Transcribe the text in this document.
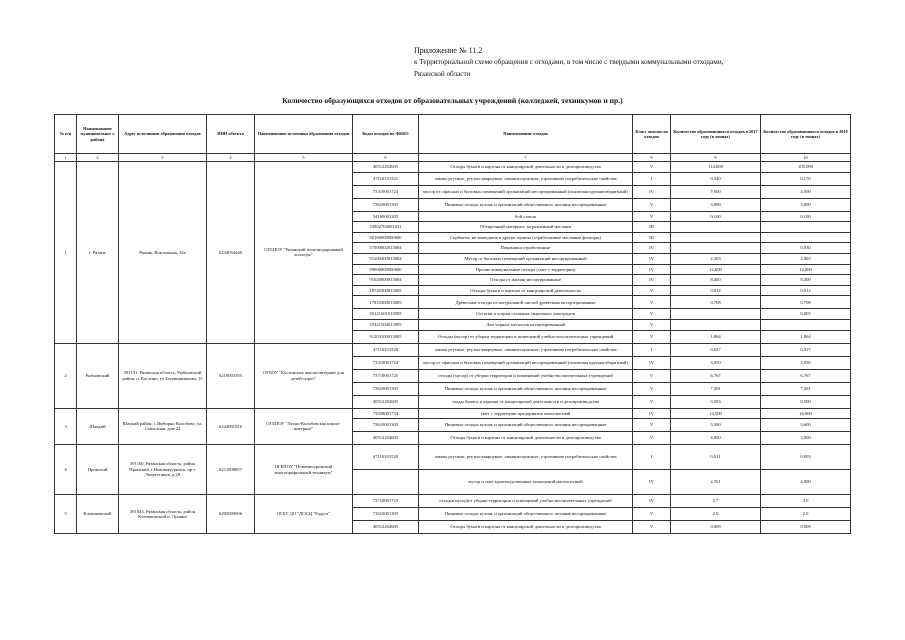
Приложение № 11.2
к Территориальной схеме обращения с отходами, в том числе с твердыми коммунальными отходами,
Рязанской области
Количество образующихся отходов от образовательных учреждений (колледжей, техникумов и пр.)
№ п/п	Наименование муниципальног о района	Адрес источников образования отходов	ИНН объекта	Наименование источника образования отходов	Коды отходов по ФККО	Наименование отходов	Класс опасности отходов	Количество образовавшихся отходов в 2017 году (в тоннах)	Количество образовавшихся отходов в 2018 году (в тоннах)
1	2	3	4	5	6	7	8	9	10
1	г. Рязань	Рязань, Вокзальная, 32а	6234054440	ОГБПОУ "Рязанский железнодорожный колледж"	40512202605	Отходы бумаги и картона от канцелярской деятельности и делопроизводства	V	114,000	105,000
					47110101521	лампы ртутные, ртутно-кварцевые, люминесцентные, утратившие потребительские свойства	I	0,340	0,170
					73310001724	мусор от офисных и бытовых помещений организаций несортированный (исключая крупногабаритный)	IV	7,500	4,500
					73610001305	Пищевые отходы кухонь и организаций общественного питания несортированные	V	3,800	3,000
					34190001205	бой стекла	V	0,100	0,100
					54902704001031	Обтирочный материал, загрязненный маслами	III		
					50100000000000	Сорбенты, не вошедшие в другие пункты (отработанные масляные фильтры)	III		
					57500002013004	Покрышки отработанные	IV		0,030
					91200400013004	Мусор от бытовых помещений организаций несортированный	IV	2,363	2,963
					99000000000000	Прочие коммунальные отходы (смет с территории)	IV	12,000	12,000
					91020000013004	Отходы от жилищ несортированные	IV	8,400	8,400
					18740300013005	Отходы бумаги и картона от канцелярской деятельности	V	0,012	0,012
					17810300013005	Древесные отходы из натуральной чистой древесины несортированные	V	0,708	0,708
					35121601013995	Остатки и огарки стальных сварочных электродов	V		0,005
					35421504013995	Лом черных металлов несортированный	V		
					91203100013005	Отходы (мусор) от уборки территории и помещений учебно-воспитательных учреждений	V	1,864	1,864
2	Рыбновский	391131, Рязанская область, Рыбновский район, п. Костино, ул.Беговишникова, 15	6219003395	ОГБОУ "Костинская школа-интернат для детей-сирот"	47110101528	лампы ртутные, ртутно-кварцевые, люминесцентные, утратившие потребительские свойства	I	0,027	0,027
					73310001724	мусор от офисных и бытовых помещений организаций несортированный (исключая крупногабаритный)	IV	3,050	3,050
					73710001725	отходы (мусор) от уборки территории и помещений учебно-воспитательных учреждений	V	6,767	6,767
					73610001305	Пищевые отходы кухонь и организаций общественного питания несортированные	V	7,301	7,301
					40512202605	тходы бумаги и картона от канцелярской деятельности и делопроизводства	V	0,503	0,500
3	Шацкий	Шацкий район, с.Ямбирно Колобово, ул. Совхозная, дом 22	6224001916	ОГБПОУ "Лесно-Колобовская школа-интернат"	73338001734	смет с территории предприятия малоопасный	IV	14,500	16,000
					73610001305	Пищевые отходы кухонь и организаций общественного питания несортированные	V	5,500	5,600
					40512202605	Отходы бумаги и картона от канцелярской деятельности и делопроизводства	V	4,000	3,000
4	Пронский	391160, Рязанская область, район Пронский, г.Новомичуринск, пр-т Энергетиков, д.28	6211008697	ОГБПОУ "Новомичуринский многопрофильный техникум"	47110101520	лампы ртутные, ртутно-кварцевые, люминесцентные, утратившие потребительские свойства	I	0,011	0,003
						мусор и смет производственных помещений малоопасный	IV	2,701	4,900
5	Клепиковский	391044, Рязанская область, район Клепиковский п. Лунино	6205009006	ОГБУ ДО "ДОСЦ "Радуга"	73710001725	отходы(мусор)от уборки территории и помещений учебно-воспитательных учреждений	IV	2.7	3.0
					73610001305	Пищевые отходы кухонь и организаций общественного питания несортированные	V	2.0	2.0
					40512202605	Отходы бумаги и картона от канцелярской деятельности и делопроизводства	V	0,009	0,009
